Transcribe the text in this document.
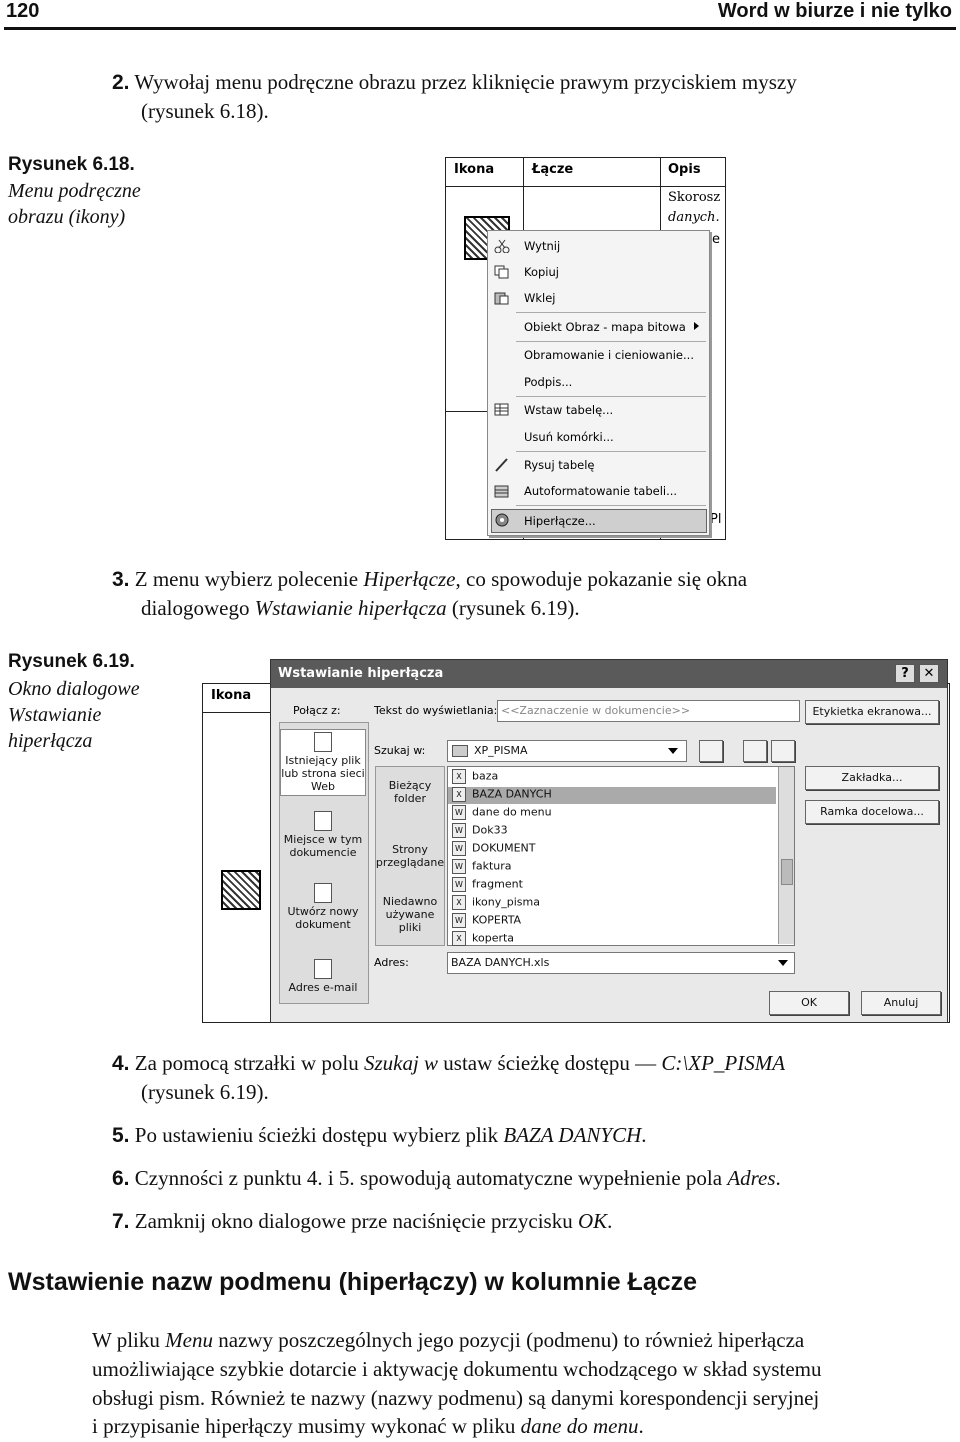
120	Word w biurze i nie tylko
2. Wywołaj menu podręczne obrazu przez kliknięcie prawym przyciskiem myszy
(rysunek 6.18).
Rysunek 6.18.
Menu podręczne
obrazu (ikony)
Ikona	Łącze	Opis
Skorosz
danych.
e
Pl
Wytnij
Kopiuj
Wklej
Obiekt Obraz - mapa bitowa
Obramowanie i cieniowanie...
Podpis...
Wstaw tabelę...
Usuń komórki...
Rysuj tabelę
Autoformatowanie tabeli...
Hiperłącze...
3. Z menu wybierz polecenie Hiperłącze, co spowoduje pokazanie się okna
dialogowego Wstawianie hiperłącza (rysunek 6.19).
Rysunek 6.19.
Okno dialogowe
Wstawianie
hiperłącza
Ikona
Wstawianie hiperłącza	?	✕
Połącz z:	Tekst do wyświetlania: <<Zaznaczenie w dokumencie>>	Etykietka ekranowa...
Istniejący plik
lub strona sieci
Web
Miejsce w tym
dokumencie
Utwórz nowy
dokument
Adres e-mail
Szukaj w:	XP_PISMA
Bieżący
folder
Strony
przeglądane
Niedawno
używane
pliki
X baza
X BAZA DANYCH
W dane do menu
W Dok33
W DOKUMENT
W faktura
W fragment
X ikony_pisma
W KOPERTA
X koperta
Zakładka...
Ramka docelowa...
Adres:	BAZA DANYCH.xls
OK	Anuluj
4. Za pomocą strzałki w polu Szukaj w ustaw ścieżkę dostępu — C:\XP_PISMA
(rysunek 6.19).
5. Po ustawieniu ścieżki dostępu wybierz plik BAZA DANYCH.
6. Czynności z punktu 4. i 5. spowodują automatyczne wypełnienie pola Adres.
7. Zamknij okno dialogowe prze naciśnięcie przycisku OK.
Wstawienie nazw podmenu (hiperłączy) w kolumnie Łącze
W pliku Menu nazwy poszczególnych jego pozycji (podmenu) to również hiperłącza
umożliwiające szybkie dotarcie i aktywację dokumentu wchodzącego w skład systemu
obsługi pism. Również te nazwy (nazwy podmenu) są danymi korespondencji seryjnej
i przypisanie hiperłączy musimy wykonać w pliku dane do menu.
